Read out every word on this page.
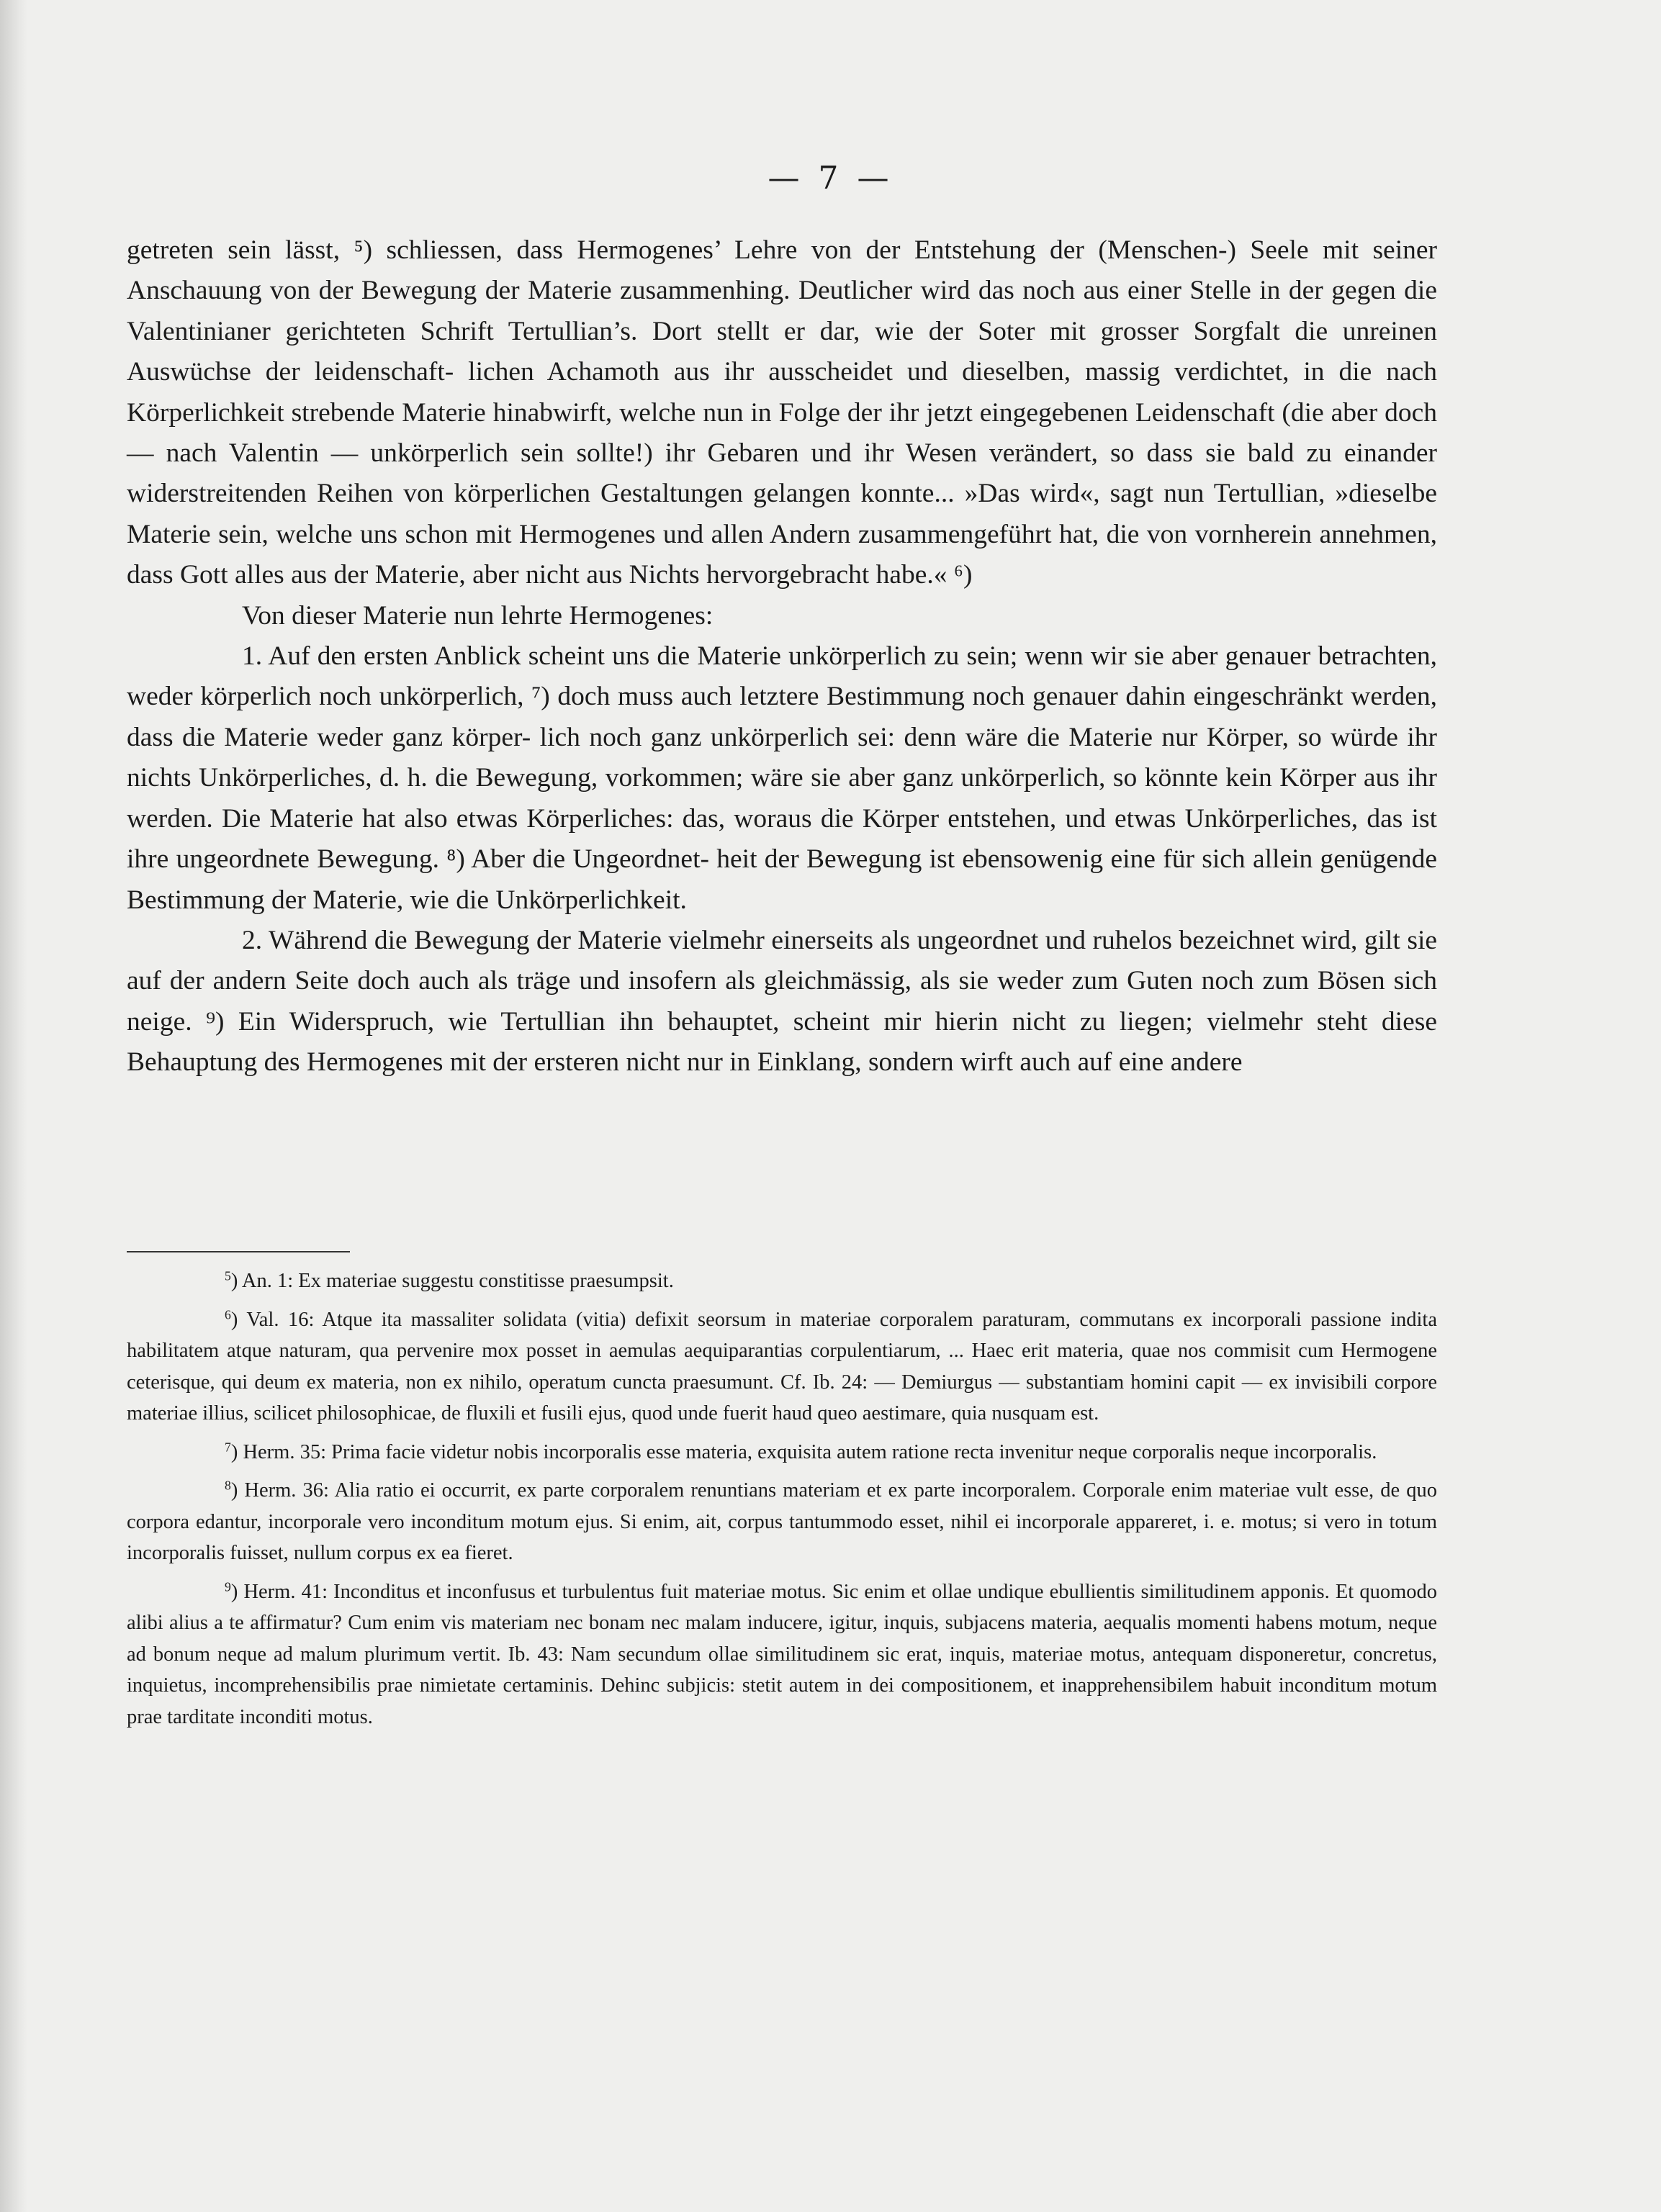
— 7 —

getreten sein lässt, ⁵) schliessen, dass Hermogenes’ Lehre von der Entstehung der (Menschen-) Seele mit seiner Anschauung von der Bewegung der Materie zusammenhing. Deutlicher wird das noch aus einer Stelle in der gegen die Valentinianer gerichteten Schrift Tertullian’s. Dort stellt er dar, wie der Soter mit grosser Sorgfalt die unreinen Auswüchse der leidenschaft- lichen Achamoth aus ihr ausscheidet und dieselben, massig verdichtet, in die nach Körperlichkeit strebende Materie hinabwirft, welche nun in Folge der ihr jetzt eingegebenen Leidenschaft (die aber doch — nach Valentin — unkörperlich sein sollte!) ihr Gebaren und ihr Wesen verändert, so dass sie bald zu einander widerstreitenden Reihen von körperlichen Gestaltungen gelangen konnte... »Das wird«, sagt nun Tertullian, »dieselbe Materie sein, welche uns schon mit Hermogenes und allen Andern zusammengeführt hat, die von vornherein annehmen, dass Gott alles aus der Materie, aber nicht aus Nichts hervorgebracht habe.« ⁶)

Von dieser Materie nun lehrte Hermogenes:

1. Auf den ersten Anblick scheint uns die Materie unkörperlich zu sein; wenn wir sie aber genauer betrachten, weder körperlich noch unkörperlich, ⁷) doch muss auch letztere Bestimmung noch genauer dahin eingeschränkt werden, dass die Materie weder ganz körper- lich noch ganz unkörperlich sei: denn wäre die Materie nur Körper, so würde ihr nichts Unkörperliches, d. h. die Bewegung, vorkommen; wäre sie aber ganz unkörperlich, so könnte kein Körper aus ihr werden. Die Materie hat also etwas Körperliches: das, woraus die Körper entstehen, und etwas Unkörperliches, das ist ihre ungeordnete Bewegung. ⁸) Aber die Ungeordnet- heit der Bewegung ist ebensowenig eine für sich allein genügende Bestimmung der Materie, wie die Unkörperlichkeit.

2. Während die Bewegung der Materie vielmehr einerseits als ungeordnet und ruhelos bezeichnet wird, gilt sie auf der andern Seite doch auch als träge und insofern als gleichmässig, als sie weder zum Guten noch zum Bösen sich neige. ⁹) Ein Widerspruch, wie Tertullian ihn behauptet, scheint mir hierin nicht zu liegen; vielmehr steht diese Behauptung des Hermogenes mit der ersteren nicht nur in Einklang, sondern wirft auch auf eine andere

$^5$) An. 1: Ex materiae suggestu constitisse praesumpsit.

$^6$) Val. 16: Atque ita massaliter solidata (vitia) defixit seorsum in materiae corporalem paraturam, commutans ex incorporali passione indita habilitatem atque naturam, qua pervenire mox posset in aemulas aequiparantias corpulentiarum, ... Haec erit materia, quae nos commisit cum Hermogene ceterisque, qui deum ex materia, non ex nihilo, operatum cuncta praesumunt. Cf. Ib. 24: — Demiurgus — substantiam homini capit — ex invisibili corpore materiae illius, scilicet philosophicae, de fluxili et fusili ejus, quod unde fuerit haud queo aestimare, quia nusquam est.

$^7$) Herm. 35: Prima facie videtur nobis incorporalis esse materia, exquisita autem ratione recta invenitur neque corporalis neque incorporalis.

$^8$) Herm. 36: Alia ratio ei occurrit, ex parte corporalem renuntians materiam et ex parte incorporalem. Corporale enim materiae vult esse, de quo corpora edantur, incorporale vero inconditum motum ejus. Si enim, ait, corpus tantummodo esset, nihil ei incorporale appareret, i. e. motus; si vero in totum incorporalis fuisset, nullum corpus ex ea fieret.

$^9$) Herm. 41: Inconditus et inconfusus et turbulentus fuit materiae motus. Sic enim et ollae undique ebullientis similitudinem apponis. Et quomodo alibi alius a te affirmatur? Cum enim vis materiam nec bonam nec malam inducere, igitur, inquis, subjacens materia, aequalis momenti habens motum, neque ad bonum neque ad malum plurimum vertit. Ib. 43: Nam secundum ollae similitudinem sic erat, inquis, materiae motus, antequam disponeretur, concretus, inquietus, incomprehensibilis prae nimietate certaminis. Dehinc subjicis: stetit autem in dei compositionem, et inapprehensibilem habuit inconditum motum prae tarditate inconditi motus.
